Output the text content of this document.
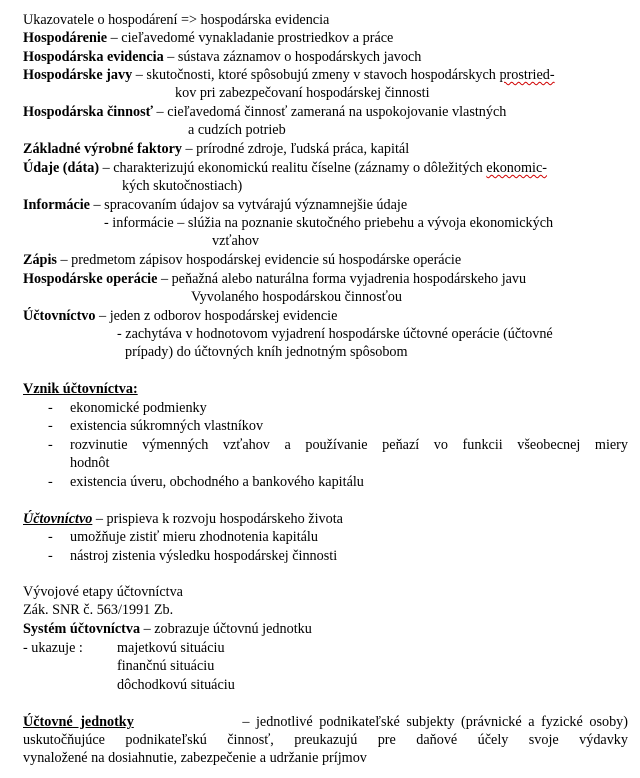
Ukazovatele o hospodárení => hospodárska evidencia
Hospodárenie – cieľavedomé vynakladanie prostriedkov a práce
Hospodárska evidencia – sústava záznamov o hospodárskych javoch
Hospodárske javy – skutočnosti, ktoré spôsobujú zmeny v stavoch hospodárskych prostried-
kov pri zabezpečovaní hospodárskej činnosti
Hospodárska činnosť – cieľavedomá činnosť zameraná na uspokojovanie vlastných
a cudzích potrieb
Základné výrobné faktory – prírodné zdroje, ľudská práca, kapitál
Údaje (dáta) – charakterizujú ekonomickú realitu číselne (záznamy o dôležitých ekonomic-
kých skutočnostiach)
Informácie – spracovaním údajov sa vytvárajú významnejšie údaje
- informácie – slúžia na poznanie skutočného priebehu a vývoja ekonomických
vzťahov
Zápis – predmetom zápisov hospodárskej evidencie sú hospodárske operácie
Hospodárske operácie – peňažná alebo naturálna forma vyjadrenia hospodárskeho javu
Vyvolaného hospodárskou činnosťou
Účtovníctvo – jeden z odborov hospodárskej evidencie
- zachytáva v hodnotovom vyjadrení hospodárske účtovné operácie (účtovné
prípady) do účtovných kníh jednotným spôsobom
Vznik účtovníctva:
- ekonomické podmienky
- existencia súkromných vlastníkov
- rozvinutie výmenných vzťahov a používanie peňazí vo funkcii všeobecnej miery
hodnôt
- existencia úveru, obchodného a bankového kapitálu
Účtovníctvo – prispieva k rozvoju hospodárskeho života
- umožňuje zistiť mieru zhodnotenia kapitálu
- nástroj zistenia výsledku hospodárskej činnosti
Vývojové etapy účtovníctva
Zák. SNR č. 563/1991 Zb.
Systém účtovníctva – zobrazuje účtovnú jednotku
- ukazuje : majetkovú situáciu
finančnú situáciu
dôchodkovú situáciu
Účtovné jednotky	– jednotlivé podnikateľské subjekty (právnické a fyzické osoby)
uskutočňujúce podnikateľskú činnosť, preukazujú pre daňové účely svoje výdavky
vynaložené na dosiahnutie, zabezpečenie a udržanie príjmov
